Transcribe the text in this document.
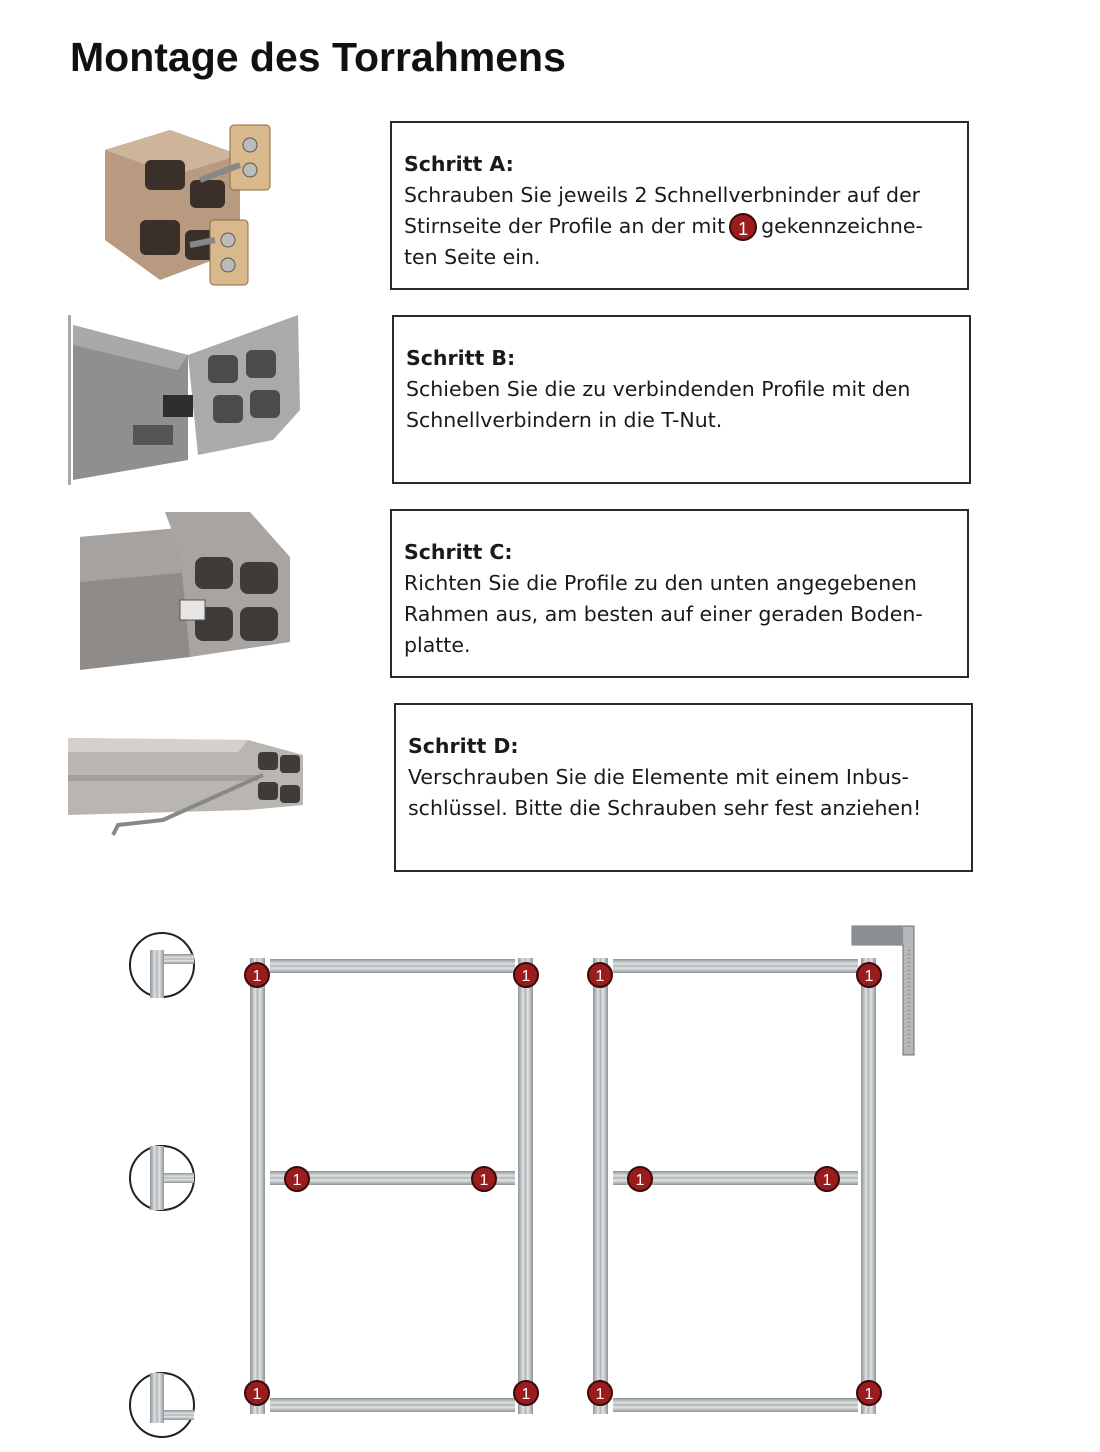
Montage des Torrahmens
Schritt A:
Schrauben Sie jeweils 2 Schnellverbninder auf der Stirnseite der Profile an der mit 1 gekennzeichne-ten Seite ein.
Schritt B:
Schieben Sie die zu verbindenden Profile mit den Schnellverbindern in die T-Nut.
Schritt C:
Richten Sie die Profile zu den unten angegebenen Rahmen aus, am besten auf einer geraden Boden-platte.
Schritt D:
Verschrauben Sie die Elemente mit einem Inbus-schlüssel. Bitte die Schrauben sehr fest anziehen!
1	1
1	1
1	1
1	1
1	1
1	1
